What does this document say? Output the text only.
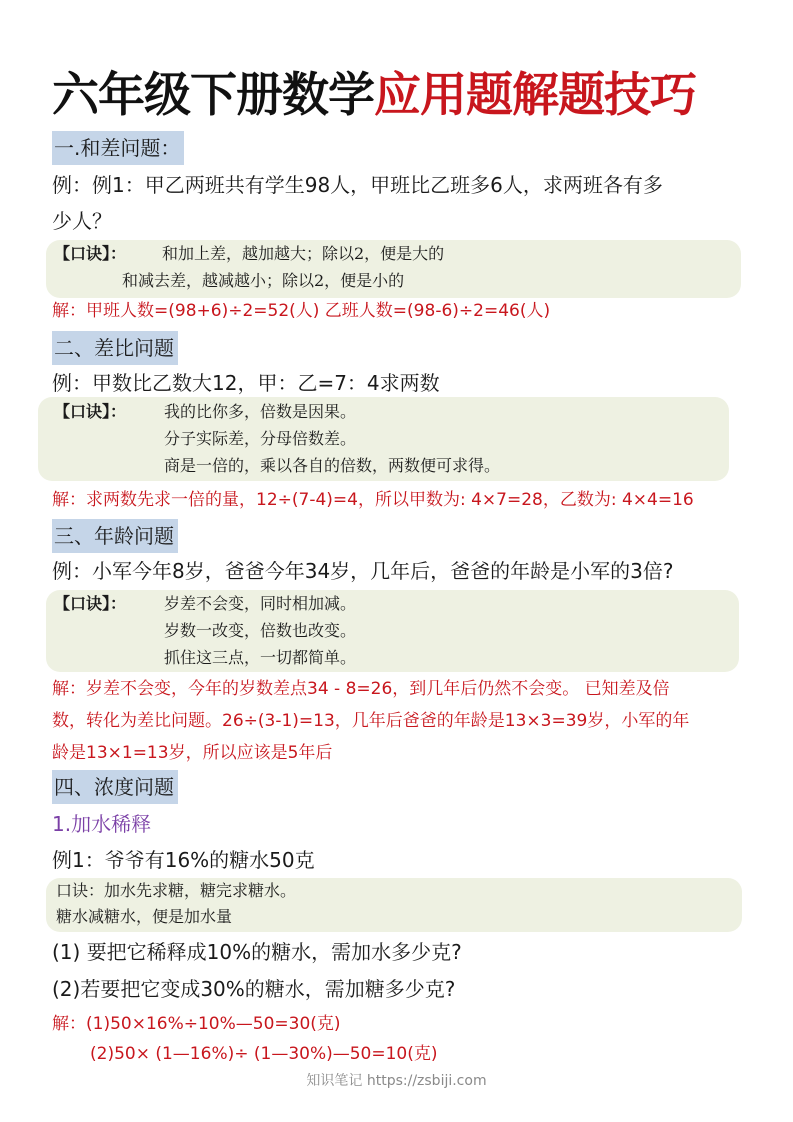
六年级下册数学应用题解题技巧
一.和差问题：
例：例1：甲乙两班共有学生98人，甲班比乙班多6人，求两班各有多
少人？
【口诀】： 和加上差，越加越大；除以2，便是大的
和减去差，越减越小；除以2，便是小的
解：甲班人数=(98+6)÷2=52(人) 乙班人数=(98-6)÷2=46(人)
二、差比问题
例：甲数比乙数大12，甲：乙=7：4求两数
【口诀】： 我的比你多，倍数是因果。
分子实际差，分母倍数差。
商是一倍的，乘以各自的倍数，两数便可求得。
解：求两数先求一倍的量，12÷(7-4)=4，所以甲数为: 4×7=28，乙数为: 4×4=16
三、年龄问题
例：小军今年8岁，爸爸今年34岁，几年后，爸爸的年龄是小军的3倍?
【口诀】： 岁差不会变，同时相加减。
岁数一改变，倍数也改变。
抓住这三点，一切都简单。
解：岁差不会变，今年的岁数差点34 - 8=26，到几年后仍然不会变。 已知差及倍
数，转化为差比问题。26÷(3-1)=13，几年后爸爸的年龄是13×3=39岁，小军的年
龄是13×1=13岁，所以应该是5年后
四、浓度问题
1.加水稀释
例1：爷爷有16%的糖水50克
口诀：加水先求糖，糖完求糖水。
糖水减糖水，便是加水量
(1) 要把它稀释成10%的糖水，需加水多少克?
(2)若要把它变成30%的糖水，需加糖多少克?
解：(1)50×16%÷10%—50=30(克)
(2)50× (1—16%)÷ (1—30%)—50=10(克)
知识笔记 https://zsbiji.com
